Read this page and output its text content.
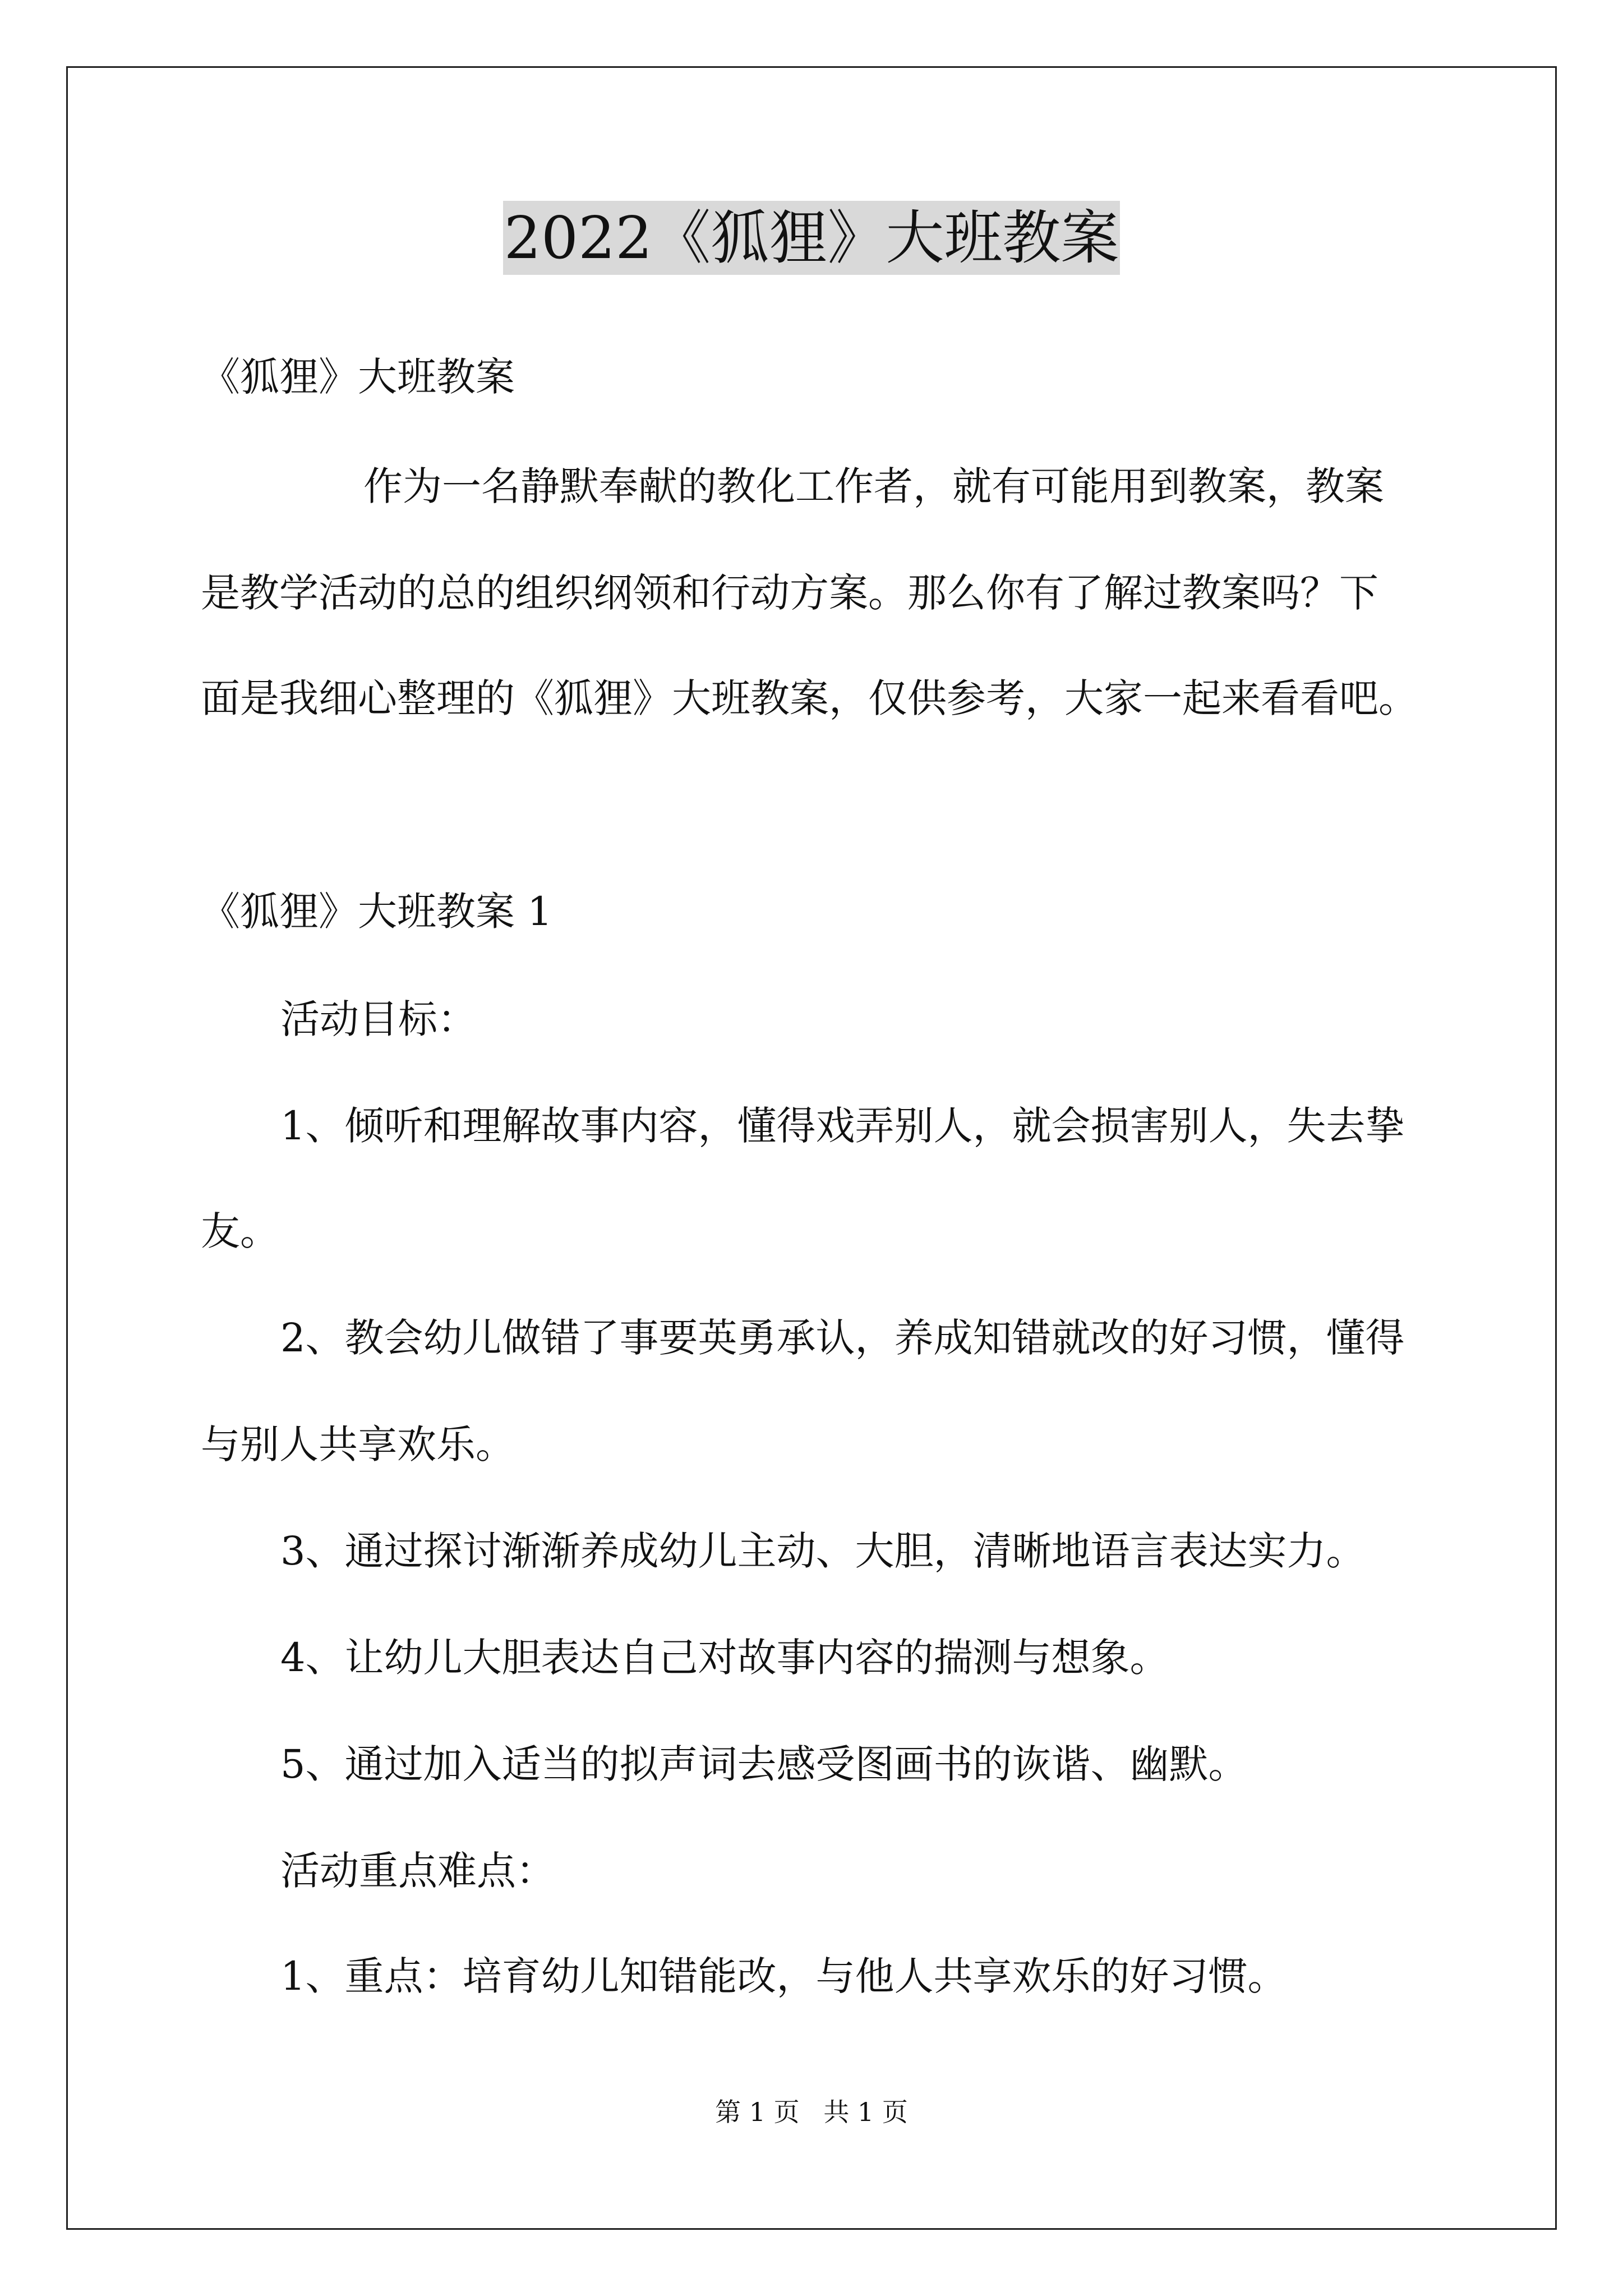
2022《狐狸》大班教案
《狐狸》大班教案
作为一名静默奉献的教化工作者，就有可能用到教案，教案
是教学活动的总的组织纲领和行动方案。那么你有了解过教案吗？下
面是我细心整理的《狐狸》大班教案，仅供参考，大家一起来看看吧。
《狐狸》大班教案 1
活动目标：
1、倾听和理解故事内容，懂得戏弄别人，就会损害别人，失去挚
友。
2、教会幼儿做错了事要英勇承认，养成知错就改的好习惯，懂得
与别人共享欢乐。
3、通过探讨渐渐养成幼儿主动、大胆，清晰地语言表达实力。
4、让幼儿大胆表达自己对故事内容的揣测与想象。
5、通过加入适当的拟声词去感受图画书的诙谐、幽默。
活动重点难点：
1、重点：培育幼儿知错能改，与他人共享欢乐的好习惯。
第 1 页 共 1 页
